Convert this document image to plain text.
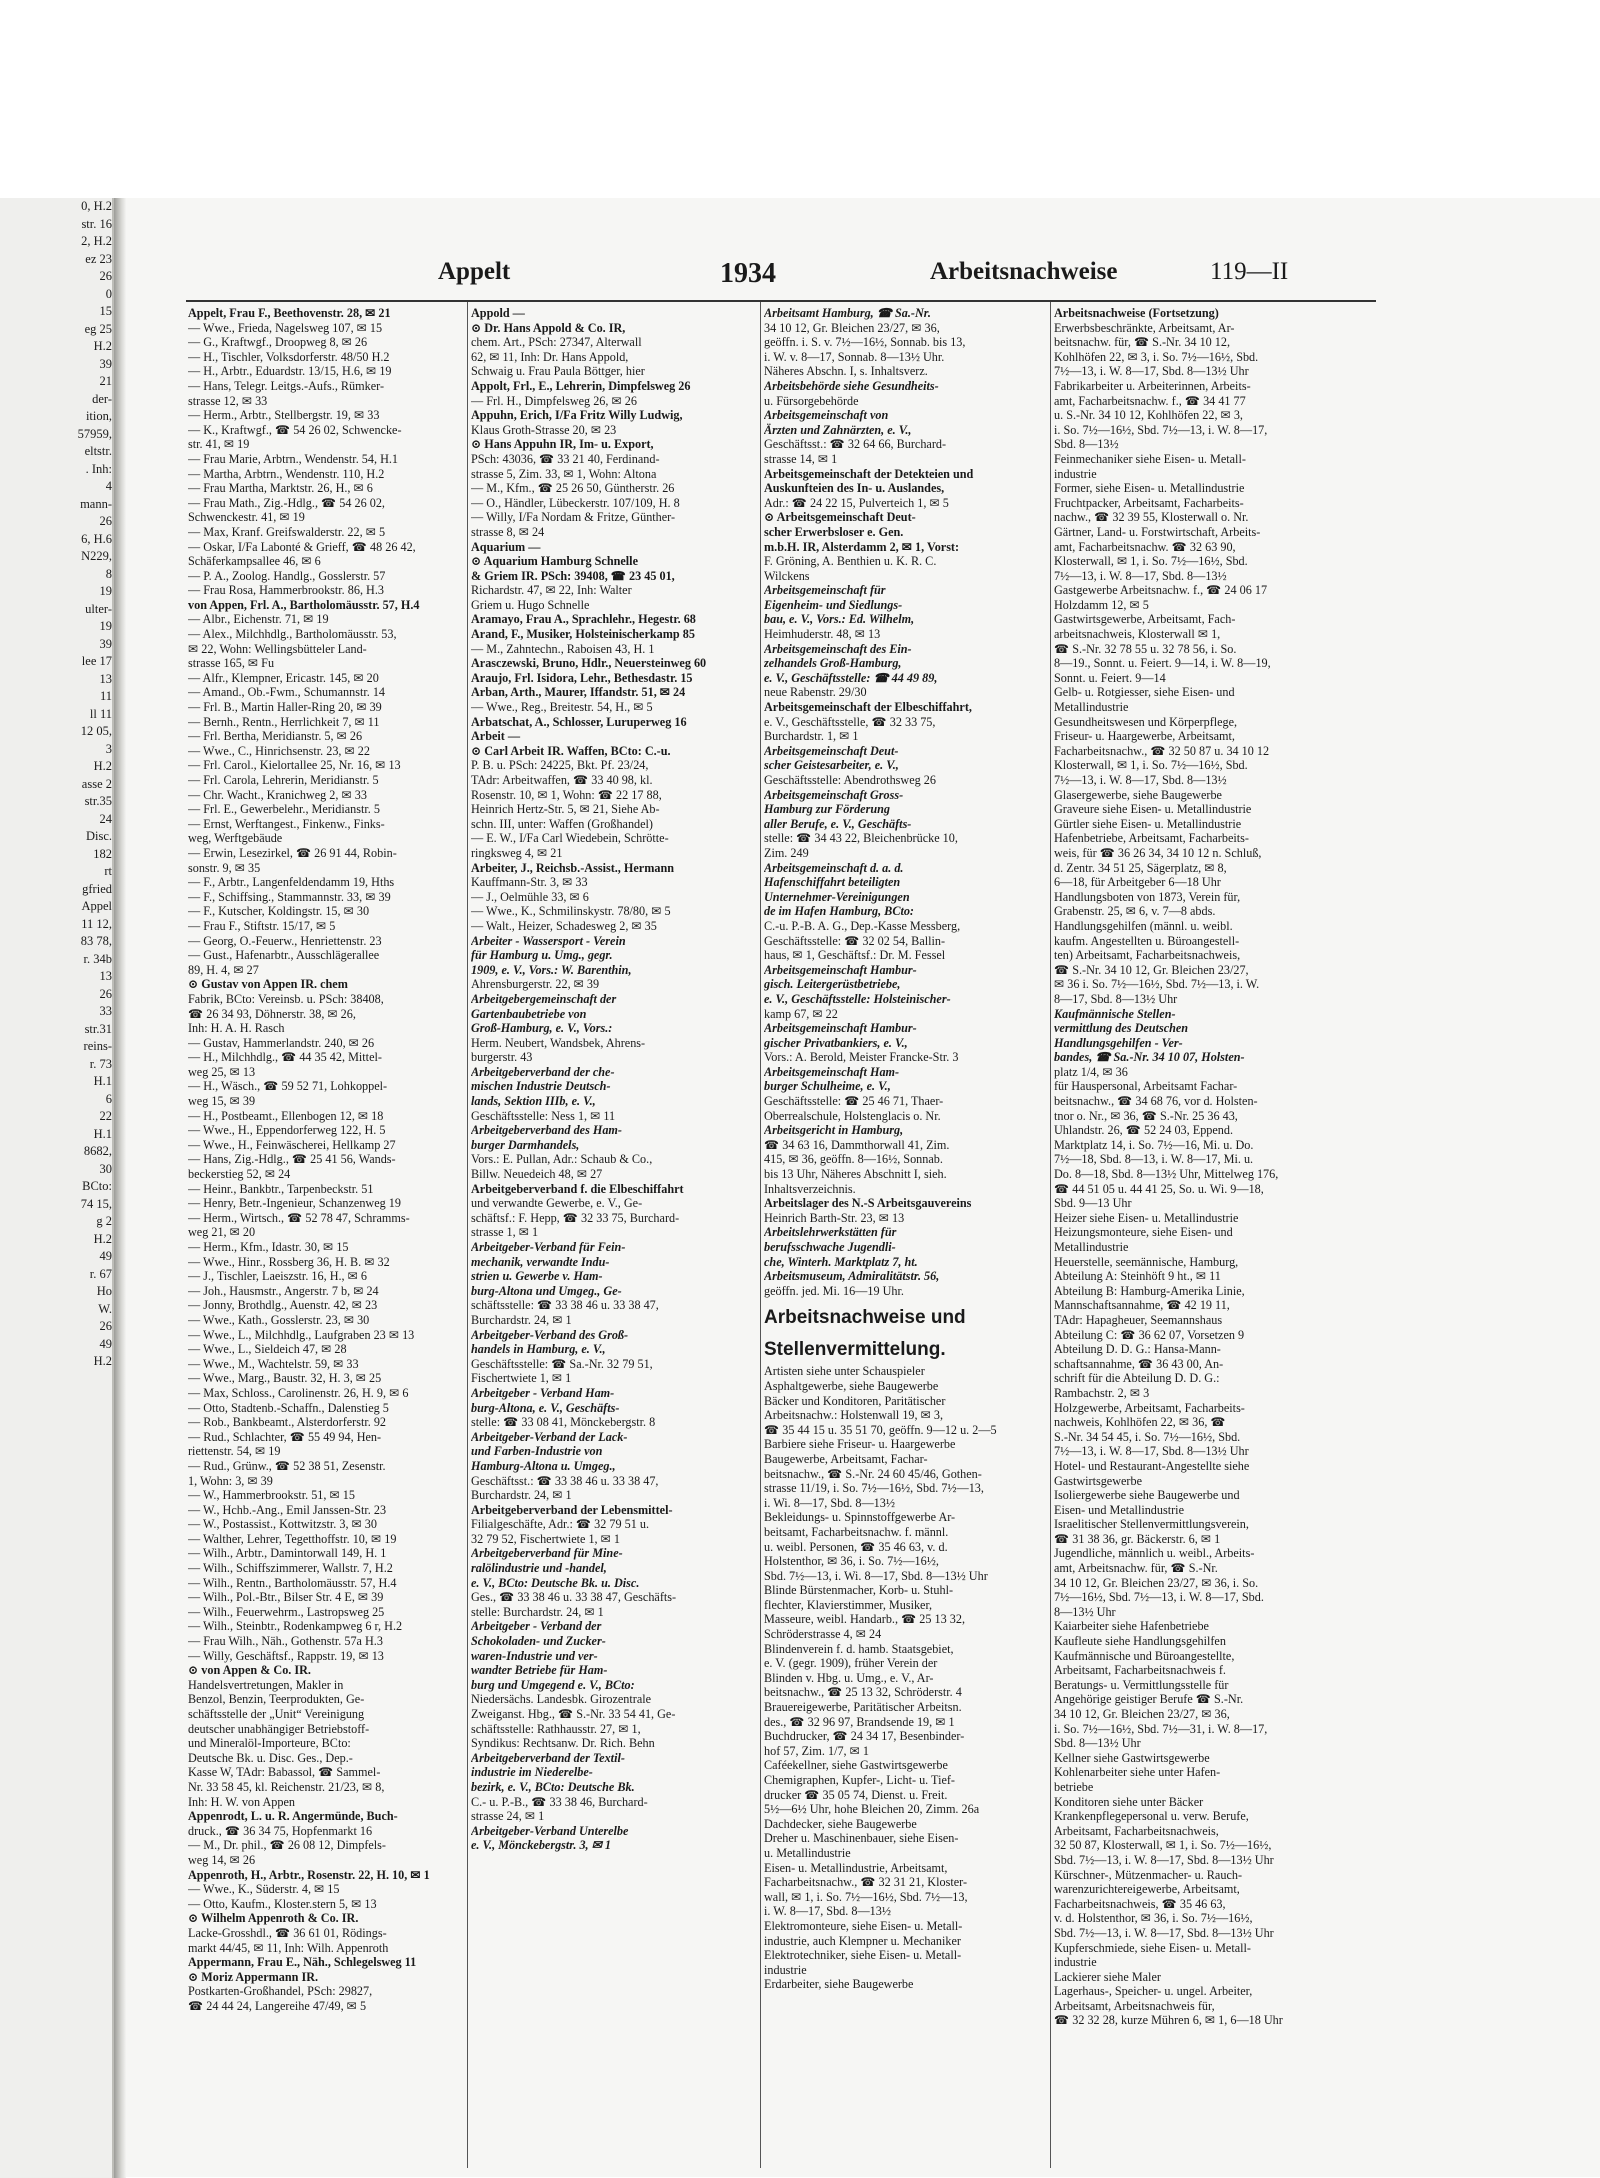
0, H.2
str. 16
2, H.2
ez 23
26
0
15
eg 25
H.2
39
21
der-
ition,
57959,
eltstr.
. Inh:
4
mann-
26
6, H.6
N229,
8
19
ulter-
19
39
lee 17
13
11
ll 11
12 05,
3
H.2
asse 2
str.35
24
Disc.
182
rt
gfried
Appel
11 12,
83 78,
r. 34b
13
26
33
str.31
reins-
r. 73
H.1
6
22
H.1
8682,
30
BCto:
74 15,
g 2
H.2
49
r. 67
Ho
W.
26
49
H.2
Appelt	1934	Arbeitsnachweise	119—II
Appelt, Frau F., Beethovenstr. 28, ✉ 21
— Wwe., Frieda, Nagelsweg 107, ✉ 15
— G., Kraftwgf., Droopweg 8, ✉ 26
— H., Tischler, Volksdorferstr. 48/50 H.2
— H., Arbtr., Eduardstr. 13/15, H.6, ✉ 19
— Hans, Telegr. Leitgs.-Aufs., Rümker-
strasse 12, ✉ 33
— Herm., Arbtr., Stellbergstr. 19, ✉ 33
— K., Kraftwgf., ☎ 54 26 02, Schwencke-
str. 41, ✉ 19
— Frau Marie, Arbtrn., Wendenstr. 54, H.1
— Martha, Arbtrn., Wendenstr. 110, H.2
— Frau Martha, Marktstr. 26, H., ✉ 6
— Frau Math., Zig.-Hdlg., ☎ 54 26 02,
Schwenckestr. 41, ✉ 19
— Max, Kranf. Greifswalderstr. 22, ✉ 5
— Oskar, I/Fa Labonté & Grieff, ☎ 48 26 42,
Schäferkampsallee 46, ✉ 6
— P. A., Zoolog. Handlg., Gosslerstr. 57
— Frau Rosa, Hammerbrookstr. 86, H.3
von Appen, Frl. A., Bartholomäusstr. 57, H.4
— Albr., Eichenstr. 71, ✉ 19
— Alex., Milchhdlg., Bartholomäusstr. 53,
✉ 22, Wohn: Wellingsbütteler Land-
strasse 165, ✉ Fu
— Alfr., Klempner, Ericastr. 145, ✉ 20
— Amand., Ob.-Fwm., Schumannstr. 14
— Frl. B., Martin Haller-Ring 20, ✉ 39
— Bernh., Rentn., Herrlichkeit 7, ✉ 11
— Frl. Bertha, Meridianstr. 5, ✉ 26
— Wwe., C., Hinrichsenstr. 23, ✉ 22
— Frl. Carol., Kielortallee 25, Nr. 16, ✉ 13
— Frl. Carola, Lehrerin, Meridianstr. 5
— Chr. Wacht., Kranichweg 2, ✉ 33
— Frl. E., Gewerbelehr., Meridianstr. 5
— Ernst, Werftangest., Finkenw., Finks-
weg, Werftgebäude
— Erwin, Lesezirkel, ☎ 26 91 44, Robin-
sonstr. 9, ✉ 35
— F., Arbtr., Langenfeldendamm 19, Hths
— F., Schiffsing., Stammannstr. 33, ✉ 39
— F., Kutscher, Koldingstr. 15, ✉ 30
— Frau F., Stiftstr. 15/17, ✉ 5
— Georg, O.-Feuerw., Henriettenstr. 23
— Gust., Hafenarbtr., Ausschlägerallee
89, H. 4, ✉ 27
⊙ Gustav von Appen IR. chem
Fabrik, BCto: Vereinsb. u. PSch: 38408,
☎ 26 34 93, Döhnerstr. 38, ✉ 26,
Inh: H. A. H. Rasch
— Gustav, Hammerlandstr. 240, ✉ 26
— H., Milchhdlg., ☎ 44 35 42, Mittel-
weg 25, ✉ 13
— H., Wäsch., ☎ 59 52 71, Lohkoppel-
weg 15, ✉ 39
— H., Postbeamt., Ellenbogen 12, ✉ 18
— Wwe., H., Eppendorferweg 122, H. 5
— Wwe., H., Feinwäscherei, Hellkamp 27
— Hans, Zig.-Hdlg., ☎ 25 41 56, Wands-
beckerstieg 52, ✉ 24
— Heinr., Bankbtr., Tarpenbeckstr. 51
— Henry, Betr.-Ingenieur, Schanzenweg 19
— Herm., Wirtsch., ☎ 52 78 47, Schramms-
weg 21, ✉ 20
— Herm., Kfm., Idastr. 30, ✉ 15
— Wwe., Hinr., Rossberg 36, H. B. ✉ 32
— J., Tischler, Laeiszstr. 16, H., ✉ 6
— Joh., Hausmstr., Angerstr. 7 b, ✉ 24
— Jonny, Brothdlg., Auenstr. 42, ✉ 23
— Wwe., Kath., Gosslerstr. 23, ✉ 30
— Wwe., L., Milchhdlg., Laufgraben 23 ✉ 13
— Wwe., L., Sieldeich 47, ✉ 28
— Wwe., M., Wachtelstr. 59, ✉ 33
— Wwe., Marg., Baustr. 32, H. 3, ✉ 25
— Max, Schloss., Carolinenstr. 26, H. 9, ✉ 6
— Otto, Stadtenb.-Schaffn., Dalenstieg 5
— Rob., Bankbeamt., Alsterdorferstr. 92
— Rud., Schlachter, ☎ 55 49 94, Hen-
riettenstr. 54, ✉ 19
— Rud., Grünw., ☎ 52 38 51, Zesenstr.
1, Wohn: 3, ✉ 39
— W., Hammerbrookstr. 51, ✉ 15
— W., Hchb.-Ang., Emil Janssen-Str. 23
— W., Postassist., Kottwitzstr. 3, ✉ 30
— Walther, Lehrer, Tegetthoffstr. 10, ✉ 19
— Wilh., Arbtr., Damintorwall 149, H. 1
— Wilh., Schiffszimmerer, Wallstr. 7, H.2
— Wilh., Rentn., Bartholomäusstr. 57, H.4
— Wilh., Pol.-Btr., Bilser Str. 4 E, ✉ 39
— Wilh., Feuerwehrm., Lastropsweg 25
— Wilh., Steinbtr., Rodenkampweg 6 r, H.2
— Frau Wilh., Näh., Gothenstr. 57a H.3
— Willy, Geschäftsf., Rappstr. 19, ✉ 13
⊙ von Appen & Co. IR.
Handelsvertretungen, Makler in
Benzol, Benzin, Teerprodukten, Ge-
schäftsstelle der „Unit“ Vereinigung
deutscher unabhängiger Betriebstoff-
und Mineralöl-Importeure, BCto:
Deutsche Bk. u. Disc. Ges., Dep.-
Kasse W, TAdr: Babassol, ☎ Sammel-
Nr. 33 58 45, kl. Reichenstr. 21/23, ✉ 8,
Inh: H. W. von Appen
Appenrodt, L. u. R. Angermünde, Buch-
druck., ☎ 36 34 75, Hopfenmarkt 16
— M., Dr. phil., ☎ 26 08 12, Dimpfels-
weg 14, ✉ 26
Appenroth, H., Arbtr., Rosenstr. 22, H. 10, ✉ 1
— Wwe., K., Süderstr. 4, ✉ 15
— Otto, Kaufm., Kloster.stern 5, ✉ 13
⊙ Wilhelm Appenroth & Co. IR.
Lacke-Grosshdl., ☎ 36 61 01, Rödings-
markt 44/45, ✉ 11, Inh: Wilh. Appenroth
Appermann, Frau E., Näh., Schlegelsweg 11
⊙ Moriz Appermann IR.
Postkarten-Großhandel, PSch: 29827,
☎ 24 44 24, Langereihe 47/49, ✉ 5
Appold —
⊙ Dr. Hans Appold & Co. IR,
chem. Art., PSch: 27347, Alterwall
62, ✉ 11, Inh: Dr. Hans Appold,
Schwaig u. Frau Paula Böttger, hier
Appolt, Frl., E., Lehrerin, Dimpfelsweg 26
— Frl. H., Dimpfelsweg 26, ✉ 26
Appuhn, Erich, I/Fa Fritz Willy Ludwig,
Klaus Groth-Strasse 20, ✉ 23
⊙ Hans Appuhn IR, Im- u. Export,
PSch: 43036, ☎ 33 21 40, Ferdinand-
strasse 5, Zim. 33, ✉ 1, Wohn: Altona
— M., Kfm., ☎ 25 26 50, Güntherstr. 26
— O., Händler, Lübeckerstr. 107/109, H. 8
— Willy, I/Fa Nordam & Fritze, Günther-
strasse 8, ✉ 24
Aquarium —
⊙ Aquarium Hamburg Schnelle
& Griem IR. PSch: 39408, ☎ 23 45 01,
Richardstr. 47, ✉ 22, Inh: Walter
Griem u. Hugo Schnelle
Aramayo, Frau A., Sprachlehr., Hegestr. 68
Arand, F., Musiker, Holsteinischerkamp 85
— M., Zahntechn., Raboisen 43, H. 1
Arasczewski, Bruno, Hdlr., Neuersteinweg 60
Araujo, Frl. Isidora, Lehr., Bethesdastr. 15
Arban, Arth., Maurer, Iffandstr. 51, ✉ 24
— Wwe., Reg., Breitestr. 54, H., ✉ 5
Arbatschat, A., Schlosser, Luruperweg 16
Arbeit —
⊙ Carl Arbeit IR. Waffen, BCto: C.-u.
P. B. u. PSch: 24225, Bkt. Pf. 23/24,
TAdr: Arbeitwaffen, ☎ 33 40 98, kl.
Rosenstr. 10, ✉ 1, Wohn: ☎ 22 17 88,
Heinrich Hertz-Str. 5, ✉ 21, Siehe Ab-
schn. III, unter: Waffen (Großhandel)
— E. W., I/Fa Carl Wiedebein, Schrötte-
ringksweg 4, ✉ 21
Arbeiter, J., Reichsb.-Assist., Hermann
Kauffmann-Str. 3, ✉ 33
— J., Oelmühle 33, ✉ 6
— Wwe., K., Schmilinskystr. 78/80, ✉ 5
— Walt., Heizer, Schadesweg 2, ✉ 35
Arbeiter - Wassersport - Verein
für Hamburg u. Umg., gegr.
1909, e. V., Vors.: W. Barenthin,
Ahrensburgerstr. 22, ✉ 39
Arbeitgebergemeinschaft der
Gartenbaubetriebe von
Groß-Hamburg, e. V., Vors.:
Herm. Neubert, Wandsbek, Ahrens-
burgerstr. 43
Arbeitgeberverband der che-
mischen Industrie Deutsch-
lands, Sektion IIIb, e. V.,
Geschäftsstelle: Ness 1, ✉ 11
Arbeitgeberverband des Ham-
burger Darmhandels,
Vors.: E. Pullan, Adr.: Schaub & Co.,
Billw. Neuedeich 48, ✉ 27
Arbeitgeberverband f. die Elbeschiffahrt
und verwandte Gewerbe, e. V., Ge-
schäftsf.: F. Hepp, ☎ 32 33 75, Burchard-
strasse 1, ✉ 1
Arbeitgeber-Verband für Fein-
mechanik, verwandte Indu-
strien u. Gewerbe v. Ham-
burg-Altona und Umgeg., Ge-
schäftsstelle: ☎ 33 38 46 u. 33 38 47,
Burchardstr. 24, ✉ 1
Arbeitgeber-Verband des Groß-
handels in Hamburg, e. V.,
Geschäftsstelle: ☎ Sa.-Nr. 32 79 51,
Fischertwiete 1, ✉ 1
Arbeitgeber - Verband Ham-
burg-Altona, e. V., Geschäfts-
stelle: ☎ 33 08 41, Mönckebergstr. 8
Arbeitgeber-Verband der Lack-
und Farben-Industrie von
Hamburg-Altona u. Umgeg.,
Geschäftsst.: ☎ 33 38 46 u. 33 38 47,
Burchardstr. 24, ✉ 1
Arbeitgeberverband der Lebensmittel-
Filialgeschäfte, Adr.: ☎ 32 79 51 u.
32 79 52, Fischertwiete 1, ✉ 1
Arbeitgeberverband für Mine-
ralölindustrie und -handel,
e. V., BCto: Deutsche Bk. u. Disc.
Ges., ☎ 33 38 46 u. 33 38 47, Geschäfts-
stelle: Burchardstr. 24, ✉ 1
Arbeitgeber - Verband der
Schokoladen- und Zucker-
waren-Industrie und ver-
wandter Betriebe für Ham-
burg und Umgegend e. V., BCto:
Niedersächs. Landesbk. Girozentrale
Zweiganst. Hbg., ☎ S.-Nr. 33 54 41, Ge-
schäftsstelle: Rathhausstr. 27, ✉ 1,
Syndikus: Rechtsanw. Dr. Rich. Behn
Arbeitgeberverband der Textil-
industrie im Niederelbe-
bezirk, e. V., BCto: Deutsche Bk.
C.- u. P.-B., ☎ 33 38 46, Burchard-
strasse 24, ✉ 1
Arbeitgeber-Verband Unterelbe
e. V., Mönckebergstr. 3, ✉ 1
Arbeitsamt Hamburg, ☎ Sa.-Nr.
34 10 12, Gr. Bleichen 23/27, ✉ 36,
geöffn. i. S. v. 7½—16½, Sonnab. bis 13,
i. W. v. 8—17, Sonnab. 8—13½ Uhr.
Näheres Abschn. I, s. Inhaltsverz.
Arbeitsbehörde siehe Gesundheits-
u. Fürsorgebehörde
Arbeitsgemeinschaft von
Ärzten und Zahnärzten, e. V.,
Geschäftsst.: ☎ 32 64 66, Burchard-
strasse 14, ✉ 1
Arbeitsgemeinschaft der Detekteien und
Auskunfteien des In- u. Auslandes,
Adr.: ☎ 24 22 15, Pulverteich 1, ✉ 5
⊙ Arbeitsgemeinschaft Deut-
scher Erwerbsloser e. Gen.
m.b.H. IR, Alsterdamm 2, ✉ 1, Vorst:
F. Gröning, A. Benthien u. K. R. C.
Wilckens
Arbeitsgemeinschaft für
Eigenheim- und Siedlungs-
bau, e. V., Vors.: Ed. Wilhelm,
Heimhuderstr. 48, ✉ 13
Arbeitsgemeinschaft des Ein-
zelhandels Groß-Hamburg,
e. V., Geschäftsstelle: ☎ 44 49 89,
neue Rabenstr. 29/30
Arbeitsgemeinschaft der Elbeschiffahrt,
e. V., Geschäftsstelle, ☎ 32 33 75,
Burchardstr. 1, ✉ 1
Arbeitsgemeinschaft Deut-
scher Geistesarbeiter, e. V.,
Geschäftsstelle: Abendrothsweg 26
Arbeitsgemeinschaft Gross-
Hamburg zur Förderung
aller Berufe, e. V., Geschäfts-
stelle: ☎ 34 43 22, Bleichenbrücke 10,
Zim. 249
Arbeitsgemeinschaft d. a. d.
Hafenschiffahrt beteiligten
Unternehmer-Vereinigungen
de im Hafen Hamburg, BCto:
C.-u. P.-B. A. G., Dep.-Kasse Messberg,
Geschäftsstelle: ☎ 32 02 54, Ballin-
haus, ✉ 1, Geschäftsf.: Dr. M. Fessel
Arbeitsgemeinschaft Hambur-
gisch. Leitergerüstbetriebe,
e. V., Geschäftsstelle: Holsteinischer-
kamp 67, ✉ 22
Arbeitsgemeinschaft Hambur-
gischer Privatbankiers, e. V.,
Vors.: A. Berold, Meister Francke-Str. 3
Arbeitsgemeinschaft Ham-
burger Schulheime, e. V.,
Geschäftsstelle: ☎ 25 46 71, Thaer-
Oberrealschule, Holstenglacis o. Nr.
Arbeitsgericht in Hamburg,
☎ 34 63 16, Dammthorwall 41, Zim.
415, ✉ 36, geöffn. 8—16½, Sonnab.
bis 13 Uhr, Näheres Abschnitt I, sieh.
Inhaltsverzeichnis.
Arbeitslager des N.-S Arbeitsgauvereins
Heinrich Barth-Str. 23, ✉ 13
Arbeitslehrwerkstätten für
berufsschwache Jugendli-
che, Winterh. Marktplatz 7, ht.
Arbeitsmuseum, Admiralitätstr. 56,
geöffn. jed. Mi. 16—19 Uhr.
Arbeitsnachweise und
Stellenvermittelung.
Artisten siehe unter Schauspieler
Asphaltgewerbe, siehe Baugewerbe
Bäcker und Konditoren, Paritätischer
Arbeitsnachw.: Holstenwall 19, ✉ 3,
☎ 35 44 15 u. 35 51 70, geöffn. 9—12 u. 2—5
Barbiere siehe Friseur- u. Haargewerbe
Baugewerbe, Arbeitsamt, Fachar-
beitsnachw., ☎ S.-Nr. 24 60 45/46, Gothen-
strasse 11/19, i. So. 7½—16½, Sbd. 7½—13,
i. Wi. 8—17, Sbd. 8—13½
Bekleidungs- u. Spinnstoffgewerbe Ar-
beitsamt, Facharbeitsnachw. f. männl.
u. weibl. Personen, ☎ 35 46 63, v. d.
Holstenthor, ✉ 36, i. So. 7½—16½,
Sbd. 7½—13, i. Wi. 8—17, Sbd. 8—13½ Uhr
Blinde Bürstenmacher, Korb- u. Stuhl-
flechter, Klavierstimmer, Musiker,
Masseure, weibl. Handarb., ☎ 25 13 32,
Schröderstrasse 4, ✉ 24
Blindenverein f. d. hamb. Staatsgebiet,
e. V. (gegr. 1909), früher Verein der
Blinden v. Hbg. u. Umg., e. V., Ar-
beitsnachw., ☎ 25 13 32, Schröderstr. 4
Brauereigewerbe, Paritätischer Arbeitsn.
des., ☎ 32 96 97, Brandsende 19, ✉ 1
Buchdrucker, ☎ 24 34 17, Besenbinder-
hof 57, Zim. 1/7, ✉ 1
Caféekellner, siehe Gastwirtsgewerbe
Chemigraphen, Kupfer-, Licht- u. Tief-
drucker ☎ 35 05 74, Dienst. u. Freit.
5½—6½ Uhr, hohe Bleichen 20, Zimm. 26a
Dachdecker, siehe Baugewerbe
Dreher u. Maschinenbauer, siehe Eisen-
u. Metallindustrie
Eisen- u. Metallindustrie, Arbeitsamt,
Facharbeitsnachw., ☎ 32 31 21, Kloster-
wall, ✉ 1, i. So. 7½—16½, Sbd. 7½—13,
i. W. 8—17, Sbd. 8—13½
Elektromonteure, siehe Eisen- u. Metall-
industrie, auch Klempner u. Mechaniker
Elektrotechniker, siehe Eisen- u. Metall-
industrie
Erdarbeiter, siehe Baugewerbe
Arbeitsnachweise (Fortsetzung)
Erwerbsbeschränkte, Arbeitsamt, Ar-
beitsnachw. für, ☎ S.-Nr. 34 10 12,
Kohlhöfen 22, ✉ 3, i. So. 7½—16½, Sbd.
7½—13, i. W. 8—17, Sbd. 8—13½ Uhr
Fabrikarbeiter u. Arbeiterinnen, Arbeits-
amt, Facharbeitsnachw. f., ☎ 34 41 77
u. S.-Nr. 34 10 12, Kohlhöfen 22, ✉ 3,
i. So. 7½—16½, Sbd. 7½—13, i. W. 8—17,
Sbd. 8—13½
Feinmechaniker siehe Eisen- u. Metall-
industrie
Former, siehe Eisen- u. Metallindustrie
Fruchtpacker, Arbeitsamt, Facharbeits-
nachw., ☎ 32 39 55, Klosterwall o. Nr.
Gärtner, Land- u. Forstwirtschaft, Arbeits-
amt, Facharbeitsnachw. ☎ 32 63 90,
Klosterwall, ✉ 1, i. So. 7½—16½, Sbd.
7½—13, i. W. 8—17, Sbd. 8—13½
Gastgewerbe Arbeitsnachw. f., ☎ 24 06 17
Holzdamm 12, ✉ 5
Gastwirtsgewerbe, Arbeitsamt, Fach-
arbeitsnachweis, Klosterwall ✉ 1,
☎ S.-Nr. 32 78 55 u. 32 78 56, i. So.
8—19., Sonnt. u. Feiert. 9—14, i. W. 8—19,
Sonnt. u. Feiert. 9—14
Gelb- u. Rotgiesser, siehe Eisen- und
Metallindustrie
Gesundheitswesen und Körperpflege,
Friseur- u. Haargewerbe, Arbeitsamt,
Facharbeitsnachw., ☎ 32 50 87 u. 34 10 12
Klosterwall, ✉ 1, i. So. 7½—16½, Sbd.
7½—13, i. W. 8—17, Sbd. 8—13½
Glasergewerbe, siehe Baugewerbe
Graveure siehe Eisen- u. Metallindustrie
Gürtler siehe Eisen- u. Metallindustrie
Hafenbetriebe, Arbeitsamt, Facharbeits-
weis, für ☎ 36 26 34, 34 10 12 n. Schluß,
d. Zentr. 34 51 25, Sägerplatz, ✉ 8,
6—18, für Arbeitgeber 6—18 Uhr
Handlungsboten von 1873, Verein für,
Grabenstr. 25, ✉ 6, v. 7—8 abds.
Handlungsgehilfen (männl. u. weibl.
kaufm. Angestellten u. Büroangestell-
ten) Arbeitsamt, Facharbeitsnachweis,
☎ S.-Nr. 34 10 12, Gr. Bleichen 23/27,
✉ 36 i. So. 7½—16½, Sbd. 7½—13, i. W.
8—17, Sbd. 8—13½ Uhr
Kaufmännische Stellen-
vermittlung des Deutschen
Handlungsgehilfen - Ver-
bandes, ☎ Sa.-Nr. 34 10 07, Holsten-
platz 1/4, ✉ 36
für Hauspersonal, Arbeitsamt Fachar-
beitsnachw., ☎ 34 68 76, vor d. Holsten-
tnor o. Nr., ✉ 36, ☎ S.-Nr. 25 36 43,
Uhlandstr. 26, ☎ 52 24 03, Eppend.
Marktplatz 14, i. So. 7½—16, Mi. u. Do.
7½—18, Sbd. 8—13, i. W. 8—17, Mi. u.
Do. 8—18, Sbd. 8—13½ Uhr, Mittelweg 176,
☎ 44 51 05 u. 44 41 25, So. u. Wi. 9—18,
Sbd. 9—13 Uhr
Heizer siehe Eisen- u. Metallindustrie
Heizungsmonteure, siehe Eisen- und
Metallindustrie
Heuerstelle, seemännische, Hamburg,
Abteilung A: Steinhöft 9 ht., ✉ 11
Abteilung B: Hamburg-Amerika Linie,
Mannschaftsannahme, ☎ 42 19 11,
TAdr: Hapagheuer, Seemannshaus
Abteilung C: ☎ 36 62 07, Vorsetzen 9
Abteilung D. D. G.: Hansa-Mann-
schaftsannahme, ☎ 36 43 00, An-
schrift für die Abteilung D. D. G.:
Rambachstr. 2, ✉ 3
Holzgewerbe, Arbeitsamt, Facharbeits-
nachweis, Kohlhöfen 22, ✉ 36, ☎
S.-Nr. 34 54 45, i. So. 7½—16½, Sbd.
7½—13, i. W. 8—17, Sbd. 8—13½ Uhr
Hotel- und Restaurant-Angestellte siehe
Gastwirtsgewerbe
Isoliergewerbe siehe Baugewerbe und
Eisen- und Metallindustrie
Israelitischer Stellenvermittlungsverein,
☎ 31 38 36, gr. Bäckerstr. 6, ✉ 1
Jugendliche, männlich u. weibl., Arbeits-
amt, Arbeitsnachw. für, ☎ S.-Nr.
34 10 12, Gr. Bleichen 23/27, ✉ 36, i. So.
7½—16½, Sbd. 7½—13, i. W. 8—17, Sbd.
8—13½ Uhr
Kaiarbeiter siehe Hafenbetriebe
Kaufleute siehe Handlungsgehilfen
Kaufmännische und Büroangestellte,
Arbeitsamt, Facharbeitsnachweis f.
Beratungs- u. Vermittlungsstelle für
Angehörige geistiger Berufe ☎ S.-Nr.
34 10 12, Gr. Bleichen 23/27, ✉ 36,
i. So. 7½—16½, Sbd. 7½—31, i. W. 8—17,
Sbd. 8—13½ Uhr
Kellner siehe Gastwirtsgewerbe
Kohlenarbeiter siehe unter Hafen-
betriebe
Konditoren siehe unter Bäcker
Krankenpflegepersonal u. verw. Berufe,
Arbeitsamt, Facharbeitsnachweis,
32 50 87, Klosterwall, ✉ 1, i. So. 7½—16½,
Sbd. 7½—13, i. W. 8—17, Sbd. 8—13½ Uhr
Kürschner-, Mützenmacher- u. Rauch-
warenzurichtereigewerbe, Arbeitsamt,
Facharbeitsnachweis, ☎ 35 46 63,
v. d. Holstenthor, ✉ 36, i. So. 7½—16½,
Sbd. 7½—13, i. W. 8—17, Sbd. 8—13½ Uhr
Kupferschmiede, siehe Eisen- u. Metall-
industrie
Lackierer siehe Maler
Lagerhaus-, Speicher- u. ungel. Arbeiter,
Arbeitsamt, Arbeitsnachweis für,
☎ 32 32 28, kurze Mühren 6, ✉ 1, 6—18 Uhr
